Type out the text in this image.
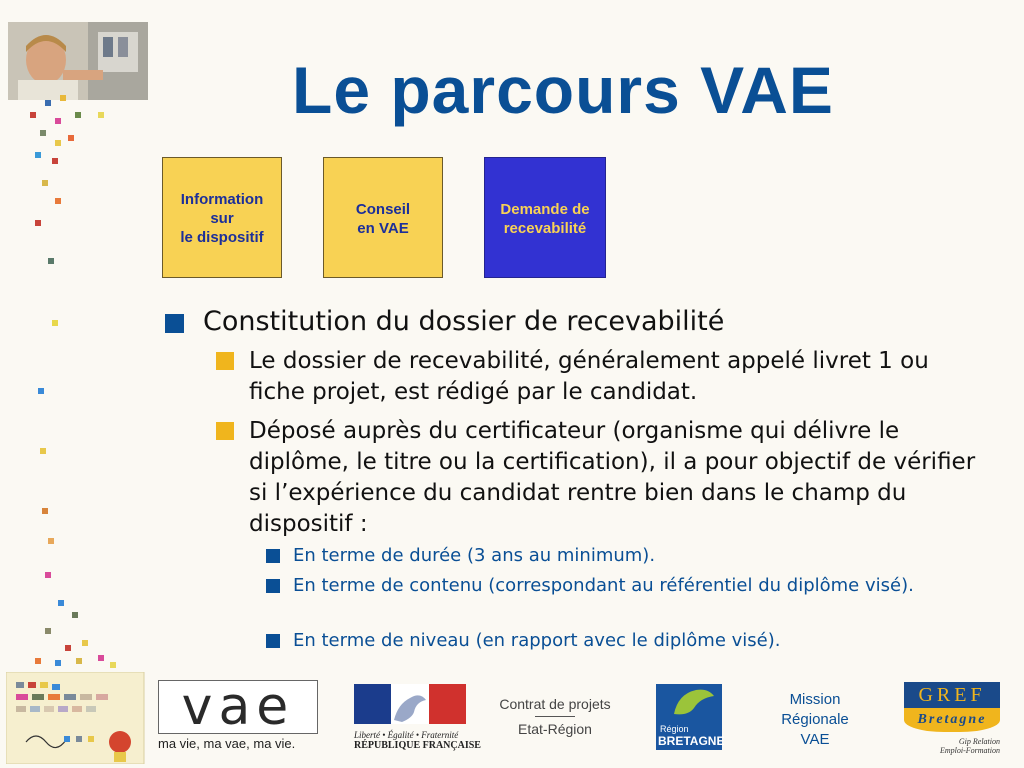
Le parcours VAE
Information
sur
le dispositif
Conseil
en VAE
Demande de
recevabilité
Constitution du dossier de recevabilité
Le dossier de recevabilité, généralement appelé livret 1 ou fiche projet, est rédigé par le candidat.
Déposé auprès du certificateur (organisme qui délivre le diplôme, le titre ou la certification), il a pour objectif de vérifier si l’expérience du candidat rentre bien dans le champ du dispositif :
En terme de durée (3 ans au minimum).
En terme de contenu (correspondant au référentiel du diplôme visé).
En terme de niveau (en rapport avec le diplôme visé).
vae
ma vie, ma vae, ma vie.
Liberté • Égalité • Fraternité
RÉPUBLIQUE FRANÇAISE
Contrat de projets
Etat-Région	Région
BRETAGNE
Mission
Régionale
VAE
GREF
Bretagne
Gip Relation
Emploi-Formation
